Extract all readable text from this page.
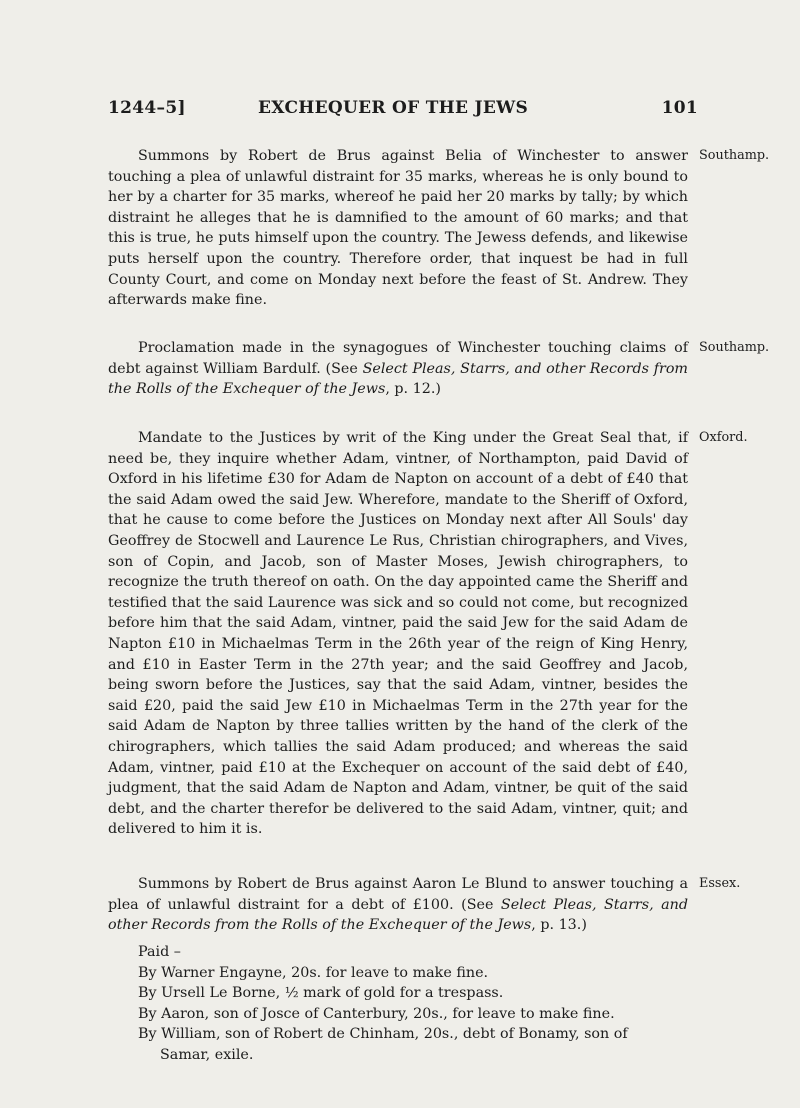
1244–5]	EXCHEQUER OF THE JEWS	101

Summons by Robert de Brus against Belia of Winchester to answer touching a plea of unlawful distraint for 35 marks, whereas he is only bound to her by a charter for 35 marks, whereof he paid her 20 marks by tally; by which distraint he alleges that he is damnified to the amount of 60 marks; and that this is true, he puts himself upon the country. The Jewess defends, and likewise puts herself upon the country. Therefore order, that inquest be had in full County Court, and come on Monday next before the feast of St. Andrew. They afterwards make fine.

Southamp.

Proclamation made in the synagogues of Winchester touching claims of debt against William Bardulf. (See Select Pleas, Starrs, and other Records from the Rolls of the Exchequer of the Jews, p. 12.)

Southamp.

Mandate to the Justices by writ of the King under the Great Seal that, if need be, they inquire whether Adam, vintner, of Northampton, paid David of Oxford in his lifetime £30 for Adam de Napton on account of a debt of £40 that the said Adam owed the said Jew. Wherefore, mandate to the Sheriff of Oxford, that he cause to come before the Justices on Monday next after All Souls' day Geoffrey de Stocwell and Laurence Le Rus, Christian chirographers, and Vives, son of Copin, and Jacob, son of Master Moses, Jewish chirographers, to recognize the truth thereof on oath. On the day appointed came the Sheriff and testified that the said Laurence was sick and so could not come, but recognized before him that the said Adam, vintner, paid the said Jew for the said Adam de Napton £10 in Michaelmas Term in the 26th year of the reign of King Henry, and £10 in Easter Term in the 27th year; and the said Geoffrey and Jacob, being sworn before the Justices, say that the said Adam, vintner, besides the said £20, paid the said Jew £10 in Michaelmas Term in the 27th year for the said Adam de Napton by three tallies written by the hand of the clerk of the chirographers, which tallies the said Adam produced; and whereas the said Adam, vintner, paid £10 at the Exchequer on account of the said debt of £40, judgment, that the said Adam de Napton and Adam, vintner, be quit of the said debt, and the charter therefor be delivered to the said Adam, vintner, quit; and delivered to him it is.

Oxford.

Summons by Robert de Brus against Aaron Le Blund to answer touching a plea of unlawful distraint for a debt of £100. (See Select Pleas, Starrs, and other Records from the Rolls of the Exchequer of the Jews, p. 13.)

Essex.
Paid –
By Warner Engayne, 20s. for leave to make fine.
By Ursell Le Borne, ½ mark of gold for a trespass.
By Aaron, son of Josce of Canterbury, 20s., for leave to make fine.
By William, son of Robert de Chinham, 20s., debt of Bonamy, son of
Samar, exile.
